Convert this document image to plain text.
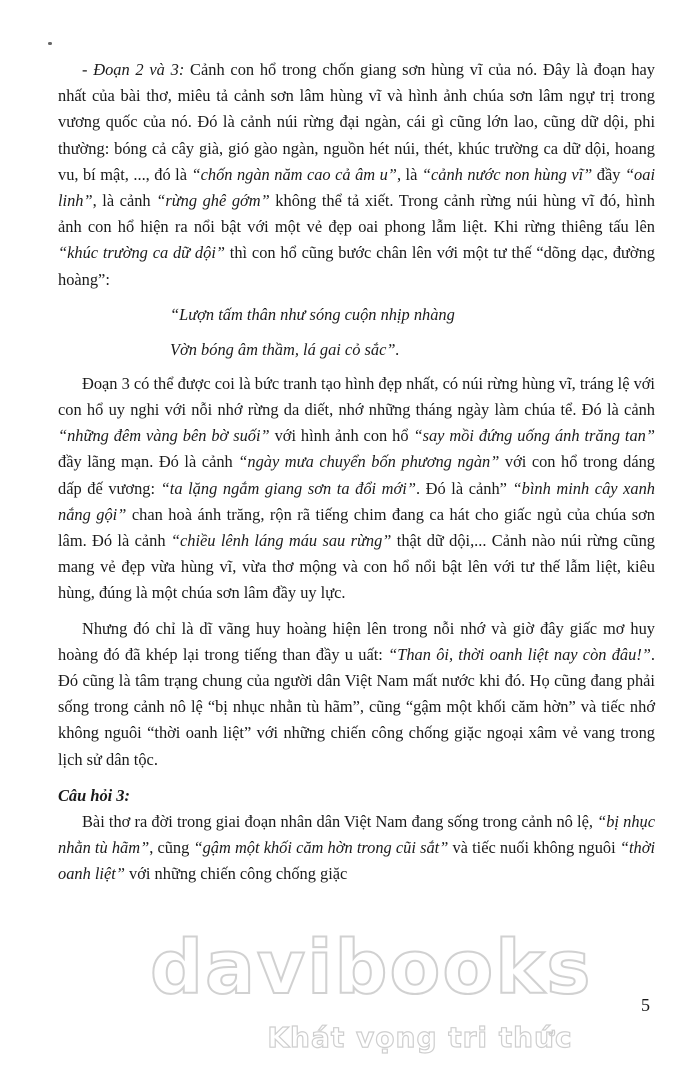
- Đoạn 2 và 3: Cảnh con hổ trong chốn giang sơn hùng vĩ của nó. Đây là đoạn hay nhất của bài thơ, miêu tả cảnh sơn lâm hùng vĩ và hình ảnh chúa sơn lâm ngự trị trong vương quốc của nó. Đó là cảnh núi rừng đại ngàn, cái gì cũng lớn lao, cũng dữ dội, phi thường: bóng cả cây già, gió gào ngàn, nguồn hét núi, thét, khúc trường ca dữ dội, hoang vu, bí mật, ..., đó là “chốn ngàn năm cao cả âm u”, là “cảnh nước non hùng vĩ” đầy “oai linh”, là cảnh “rừng ghê gớm” không thể tả xiết. Trong cảnh rừng núi hùng vĩ đó, hình ảnh con hổ hiện ra nổi bật với một vẻ đẹp oai phong lẫm liệt. Khi rừng thiêng tấu lên “khúc trường ca dữ dội” thì con hổ cũng bước chân lên với một tư thế “dõng dạc, đường hoàng”:

“Lượn tấm thân như sóng cuộn nhịp nhàng
Vờn bóng âm thầm, lá gai cỏ sắc”.

Đoạn 3 có thể được coi là bức tranh tạo hình đẹp nhất, có núi rừng hùng vĩ, tráng lệ với con hổ uy nghi với nỗi nhớ rừng da diết, nhớ những tháng ngày làm chúa tể. Đó là cảnh “những đêm vàng bên bờ suối” với hình ảnh con hổ “say mồi đứng uống ánh trăng tan” đầy lãng mạn. Đó là cảnh “ngày mưa chuyển bốn phương ngàn” với con hổ trong dáng dấp đế vương: “ta lặng ngắm giang sơn ta đổi mới”. Đó là cảnh” “bình minh cây xanh nắng gội” chan hoà ánh trăng, rộn rã tiếng chim đang ca hát cho giấc ngủ của chúa sơn lâm. Đó là cảnh “chiều lênh láng máu sau rừng” thật dữ dội,... Cảnh nào núi rừng cũng mang vẻ đẹp vừa hùng vĩ, vừa thơ mộng và con hổ nổi bật lên với tư thế lẫm liệt, kiêu hùng, đúng là một chúa sơn lâm đầy uy lực.

Nhưng đó chỉ là dĩ vãng huy hoàng hiện lên trong nỗi nhớ và giờ đây giấc mơ huy hoàng đó đã khép lại trong tiếng than đầy u uất: “Than ôi, thời oanh liệt nay còn đâu!”. Đó cũng là tâm trạng chung của người dân Việt Nam mất nước khi đó. Họ cũng đang phải sống trong cảnh nô lệ “bị nhục nhằn tù hãm”, cũng “gậm một khối căm hờn” và tiếc nhớ không nguôi “thời oanh liệt” với những chiến công chống giặc ngoại xâm vẻ vang trong lịch sử dân tộc.

Câu hỏi 3:

Bài thơ ra đời trong giai đoạn nhân dân Việt Nam đang sống trong cảnh nô lệ, “bị nhục nhằn tù hãm”, cũng “gậm một khối căm hờn trong cũi sắt” và tiếc nuối không nguôi “thời oanh liệt” với những chiến công chống giặc

5
davibooks
Khát vọng tri thức
